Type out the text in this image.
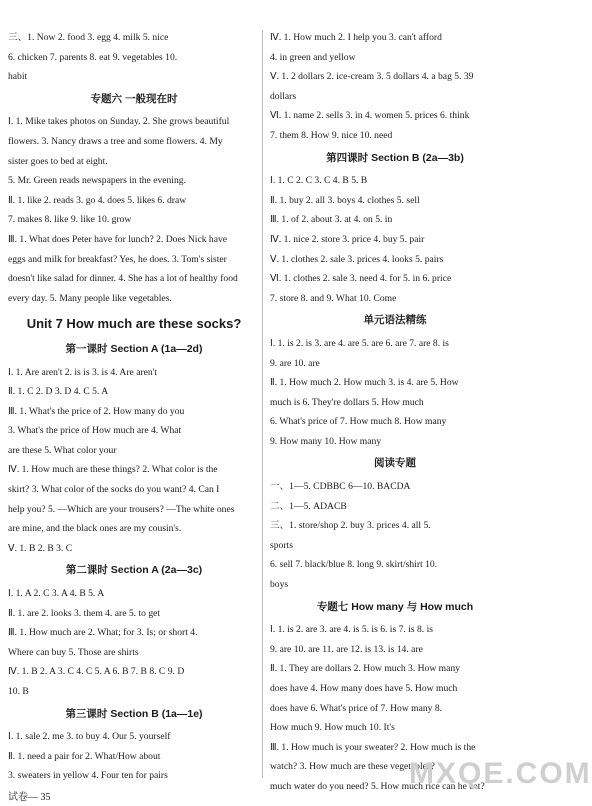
三、1. Now 2. food 3. egg 4. milk 5. nice
6. chicken 7. parents 8. eat 9. vegetables 10.
habit
专题六 一般现在时
Ⅰ. 1. Mike takes photos on Sunday. 2. She grows beautiful
flowers. 3. Nancy draws a tree and some flowers. 4. My
sister goes to bed at eight.
5. Mr. Green reads newspapers in the evening.
Ⅱ. 1. like 2. reads 3. go 4. does 5. likes 6. draw
7. makes 8. like 9. like 10. grow
Ⅲ. 1. What does Peter have for lunch? 2. Does Nick have
eggs and milk for breakfast? Yes, he does. 3. Tom's sister
doesn't like salad for dinner. 4. She has a lot of healthy food
every day. 5. Many people like vegetables.
Unit 7 How much are these socks?
第一课时 Section A (1a—2d)
Ⅰ. 1. Are aren't 2. is is 3. is 4. Are aren't
Ⅱ. 1. C 2. D 3. D 4. C 5. A
Ⅲ. 1. What's the price of 2. How many do you
3. What's the price of How much are 4. What
are these 5. What color your
Ⅳ. 1. How much are these things? 2. What color is the
skirt? 3. What color of the socks do you want? 4. Can I
help you? 5. —Which are your trousers? —The white ones
are mine, and the black ones are my cousin's.
Ⅴ. 1. B 2. B 3. C
第二课时 Section A (2a—3c)
Ⅰ. 1. A 2. C 3. A 4. B 5. A
Ⅱ. 1. are 2. looks 3. them 4. are 5. to get
Ⅲ. 1. How much are 2. What; for 3. Is; or short 4.
Where can buy 5. Those are shirts
Ⅳ. 1. B 2. A 3. C 4. C 5. A 6. B 7. B 8. C 9. D
10. B
第三课时 Section B (1a—1e)
Ⅰ. 1. sale 2. me 3. to buy 4. Our 5. yourself
Ⅱ. 1. need a pair for 2. What/How about
3. sweaters in yellow 4. Four ten for pairs
Ⅳ. 1. How much 2. I help you 3. can't afford
4. in green and yellow
Ⅴ. 1. 2 dollars 2. ice-cream 3. 5 dollars 4. a bag 5. 39
dollars
Ⅵ. 1. name 2. sells 3. in 4. women 5. prices 6. think
7. them 8. How 9. nice 10. need
第四课时 Section B (2a—3b)
Ⅰ. 1. C 2. C 3. C 4. B 5. B
Ⅱ. 1. buy 2. all 3. boys 4. clothes 5. sell
Ⅲ. 1. of 2. about 3. at 4. on 5. in
Ⅳ. 1. nice 2. store 3. price 4. buy 5. pair
Ⅴ. 1. clothes 2. sale 3. prices 4. looks 5. pairs
Ⅵ. 1. clothes 2. sale 3. need 4. for 5. in 6. price
7. store 8. and 9. What 10. Come
单元语法精练
Ⅰ. 1. is 2. is 3. are 4. are 5. are 6. are 7. are 8. is
9. are 10. are
Ⅱ. 1. How much 2. How much 3. is 4. are 5. How
much is 6. They're dollars 5. How much
6. What's price of 7. How much 8. How many
9. How many 10. How many
阅读专题
一、1—5. CDBBC 6—10. BACDA
二、1—5. ADACB
三、1. store/shop 2. buy 3. prices 4. all 5.
sports
6. sell 7. black/blue 8. long 9. skirt/shirt 10.
boys
专题七 How many 与 How much
Ⅰ. 1. is 2. are 3. are 4. is 5. is 6. is 7. is 8. is
9. are 10. are 11. are 12. is 13. is 14. are
Ⅱ. 1. They are dollars 2. How much 3. How many
does have 4. How many does have 5. How much
does have 6. What's price of 7. How many 8.
How much 9. How much 10. It's
Ⅲ. 1. How much is your sweater? 2. How much is the
watch? 3. How much are these vegetables?
much water do you need? 5. How much rice can he eat?
试卷— 35
MXQE.COM
